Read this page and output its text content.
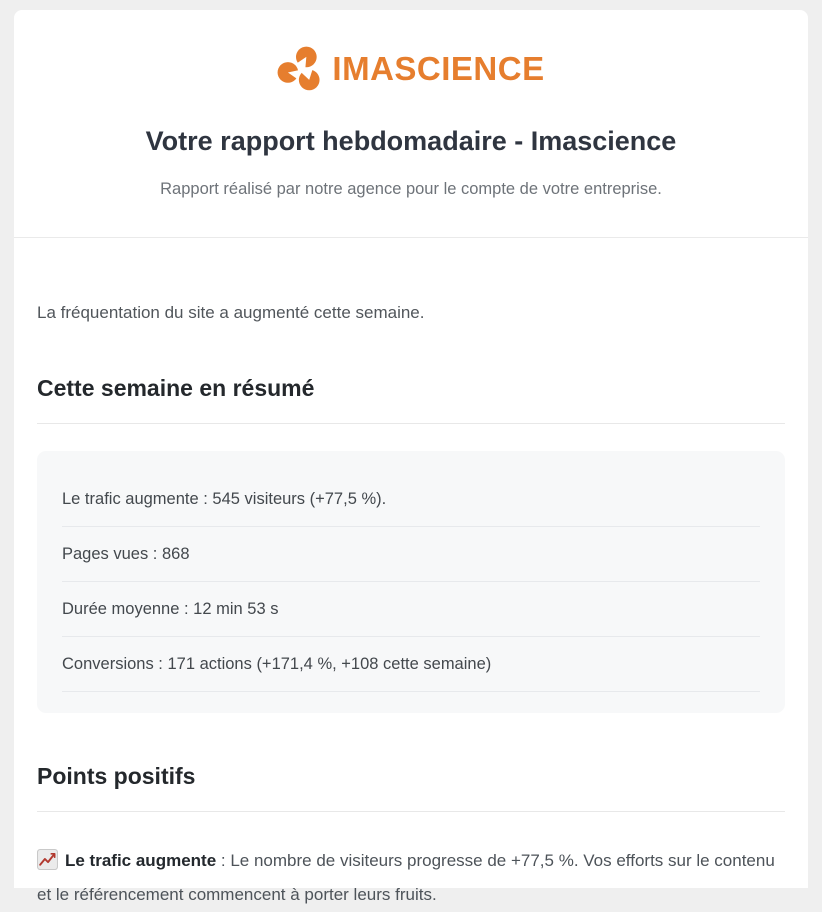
IMASCIENCE
Votre rapport hebdomadaire - Imascience

Rapport réalisé par notre agence pour le compte de votre entreprise.

La fréquentation du site a augmenté cette semaine.

Cette semaine en résumé
Le trafic augmente : 545 visiteurs (+77,5 %).
Pages vues : 868
Durée moyenne : 12 min 53 s
Conversions : 171 actions (+171,4 %, +108 cette semaine)
Points positifs

Le trafic augmente : Le nombre de visiteurs progresse de +77,5 %. Vos efforts sur le contenu et le référencement commencent à porter leurs fruits.
